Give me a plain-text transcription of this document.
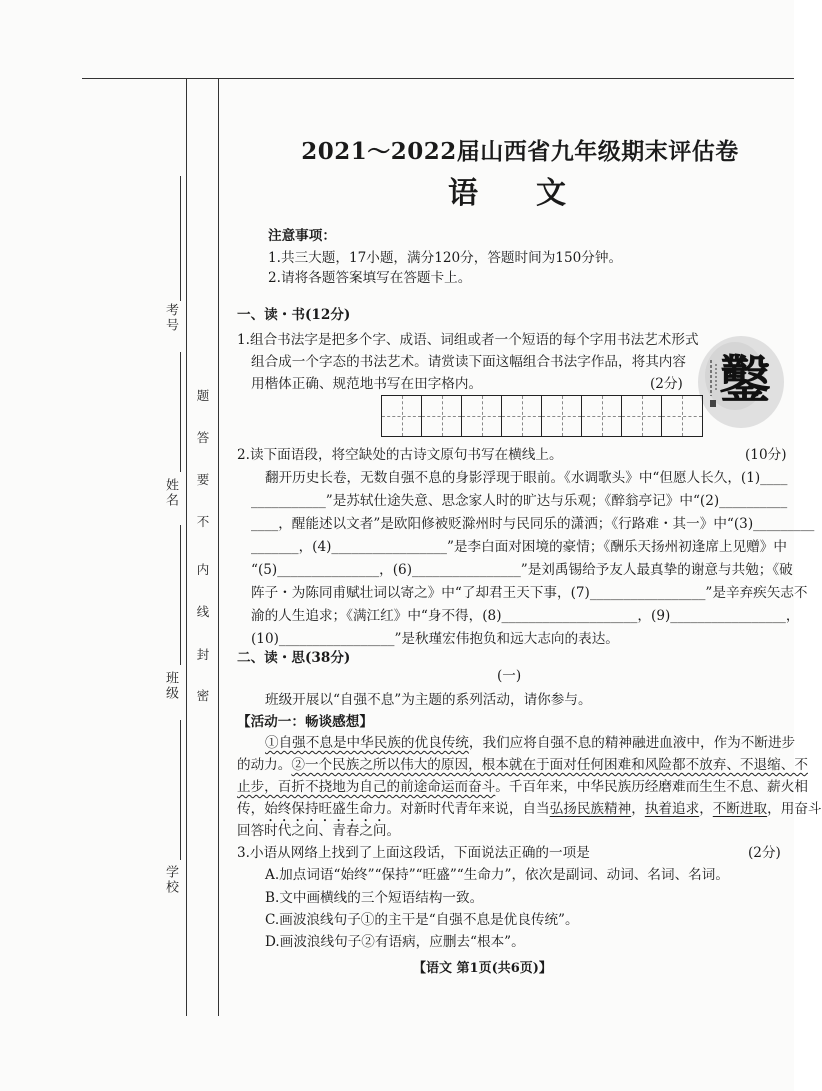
考号
姓名
班级
学校
密
封
线
内
不
要
答
题
2021～2022届山西省九年级期末评估卷
语文
注意事项：
1.共三大题，17小题，满分120分，答题时间为150分钟。
2.请将各题答案填写在答题卡上。
一、读・书(12分)
1.组合书法字是把多个字、成语、词组或者一个短语的每个字用书法艺术形式
组合成一个字态的书法艺术。请赏读下面这幅组合书法字作品，将其内容
用楷体正确、规范地书写在田字格内。	(2分) 鑿
2.读下面语段，将空缺处的古诗文原句书写在横线上。	(10分)
翻开历史长卷，无数自强不息的身影浮现于眼前。《水调歌头》中“但愿人长久，(1)____
___________”是苏轼仕途失意、思念家人时的旷达与乐观；《醉翁亭记》中“(2)__________
____，醒能述以文者”是欧阳修被贬滁州时与民同乐的潇洒；《行路难・其一》中“(3)_________
_______，(4)_________________”是李白面对困境的豪情；《酬乐天扬州初逢席上见赠》中
“(5)_______________，(6)________________”是刘禹锡给予友人最真挚的谢意与共勉；《破
阵子・为陈同甫赋壮词以寄之》中“了却君王天下事，(7)_________________”是辛弃疾矢志不
渝的人生追求；《满江红》中“身不得，(8)____________________，(9)_________________，
(10)_________________”是秋瑾宏伟抱负和远大志向的表达。
二、读・思(38分)
(一)
班级开展以“自强不息”为主题的系列活动，请你参与。
【活动一：畅谈感想】
①自强不息是中华民族的优良传统，我们应将自强不息的精神融进血液中，作为不断进步
的动力。②一个民族之所以伟大的原因，根本就在于面对任何困难和风险都不放弃、不退缩、不
止步，百折不挠地为自己的前途命运而奋斗。千百年来，中华民族历经磨难而生生不息、薪火相
传，始终保持旺盛生命力。对新时代青年来说，自当弘扬民族精神，执着追求，不断进取，用奋斗
回答时代之问、青春之问。
3.小语从网络上找到了上面这段话，下面说法正确的一项是	(2分)
A.加点词语“始终”“保持”“旺盛”“生命力”，依次是副词、动词、名词、名词。
B.文中画横线的三个短语结构一致。
C.画波浪线句子①的主干是“自强不息是优良传统”。
D.画波浪线句子②有语病，应删去“根本”。
【语文 第1页(共6页)】
